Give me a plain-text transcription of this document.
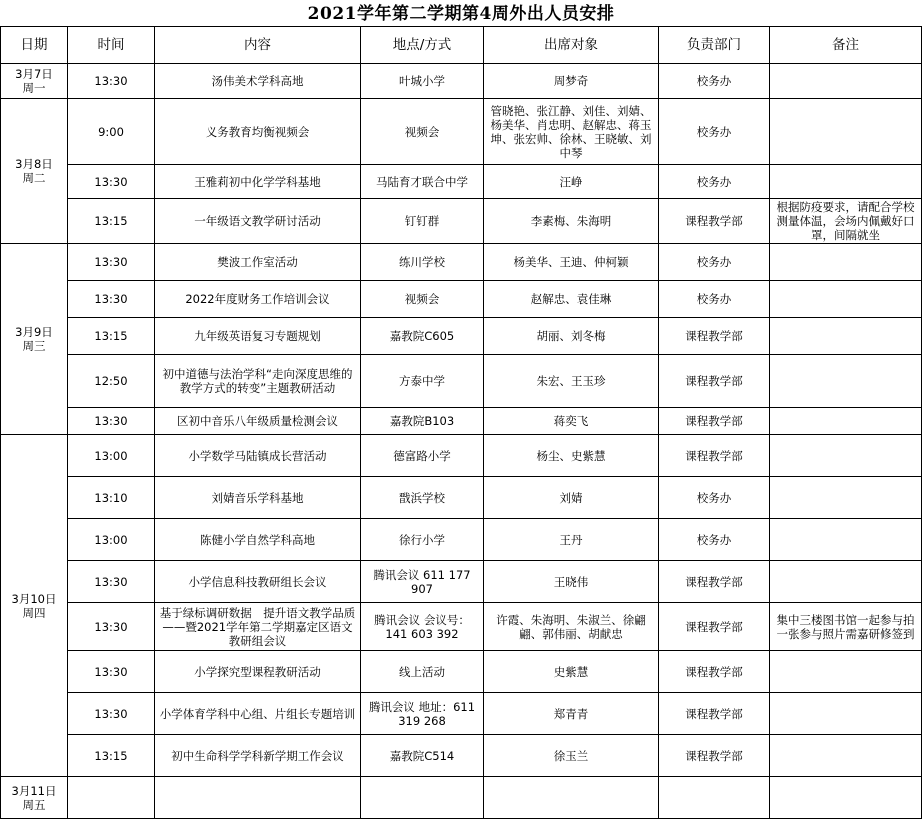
2021学年第二学期第4周外出人员安排
日期	时间	内容	地点/方式	出席对象	负责部门	备注

3月7日
周一	13:30	汤伟美术学科高地	叶城小学	周梦奇	校务办	

3月8日
周二	9:00	义务教育均衡视频会	视频会	管晓艳、张江静、刘佳、刘婧、杨美华、肖忠明、赵解忠、蒋玉坤、张宏帅、徐林、王晓敏、刘中琴	校务办	
	13:30	王雅莉初中化学学科基地	马陆育才联合中学	汪峥	校务办	
	13:15	一年级语文教学研讨活动	钉钉群	李素梅、朱海明	课程教学部	根据防疫要求，请配合学校测量体温，会场内佩戴好口罩，间隔就坐

3月9日
周三	13:30	樊波工作室活动	练川学校	杨美华、王迪、仲柯颖	校务办	
	13:30	2022年度财务工作培训会议	视频会	赵解忠、袁佳琳	校务办	
	13:15	九年级英语复习专题规划	嘉教院C605	胡丽、刘冬梅	课程教学部	
	12:50	初中道德与法治学科“走向深度思维的教学方式的转变”主题教研活动	方泰中学	朱宏、王玉珍	课程教学部	
	13:30	区初中音乐八年级质量检测会议	嘉教院B103	蒋奕飞	课程教学部	

3月10日
周四	13:00	小学数学马陆镇成长营活动	德富路小学	杨尘、史紫慧	课程教学部	
	13:10	刘婧音乐学科基地	戬浜学校	刘婧	校务办	
	13:00	陈健小学自然学科高地	徐行小学	王丹	校务办	
	13:30	小学信息科技教研组长会议	腾讯会议 611 177 907	王晓伟	课程教学部	
	13:30	基于绿标调研数据　提升语文教学品质——暨2021学年第二学期嘉定区语文教研组会议	腾讯会议 会议号：141 603 392	许霞、朱海明、朱淑兰、徐翩翩、郭伟丽、胡献忠	课程教学部	集中三楼图书馆一起参与拍一张参与照片需嘉研修签到
	13:30	小学探究型课程教研活动	线上活动	史紫慧	课程教学部	
	13:30	小学体育学科中心组、片组长专题培训	腾讯会议 地址：611 319 268	郑青青	课程教学部	
	13:15	初中生命科学学科新学期工作会议	嘉教院C514	徐玉兰	课程教学部	

3月11日
周五						
